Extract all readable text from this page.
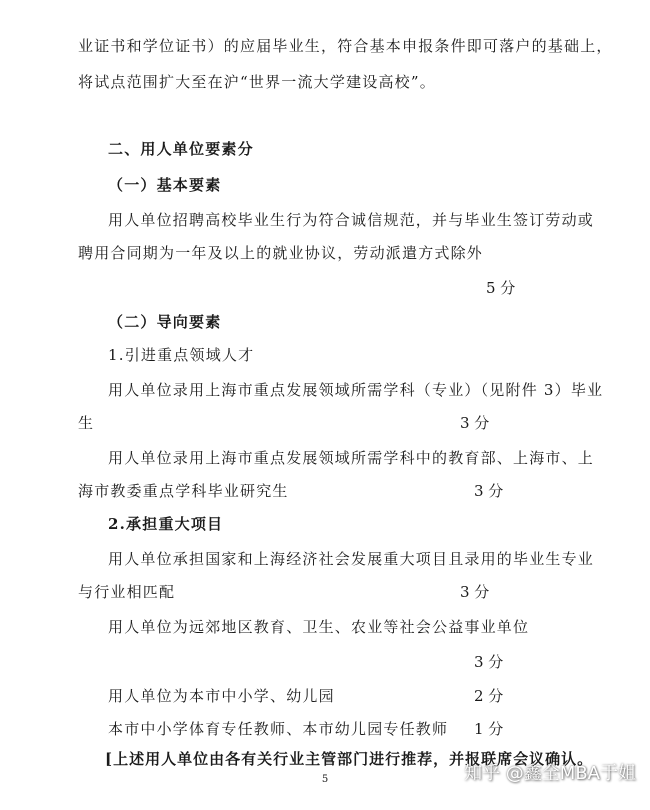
业证书和学位证书）的应届毕业生，符合基本申报条件即可落户的基础上，
将试点范围扩大至在沪“世界一流大学建设高校”。
二、用人单位要素分
（一）基本要素
用人单位招聘高校毕业生行为符合诚信规范，并与毕业生签订劳动或
聘用合同期为一年及以上的就业协议，劳动派遣方式除外
5 分
（二）导向要素
1.引进重点领域人才
用人单位录用上海市重点发展领域所需学科（专业）（见附件 3）毕业
生	3 分
用人单位录用上海市重点发展领域所需学科中的教育部、上海市、上
海市教委重点学科毕业研究生	3 分
2.承担重大项目
用人单位承担国家和上海经济社会发展重大项目且录用的毕业生专业
与行业相匹配	3 分
用人单位为远郊地区教育、卫生、农业等社会公益事业单位
3 分
用人单位为本市中小学、幼儿园	2 分
本市中小学体育专任教师、本市幼儿园专任教师 1 分
[上述用人单位由各有关行业主管部门进行推荐，并报联席会议确认。
5	知乎 @鑫全MBA于姐
